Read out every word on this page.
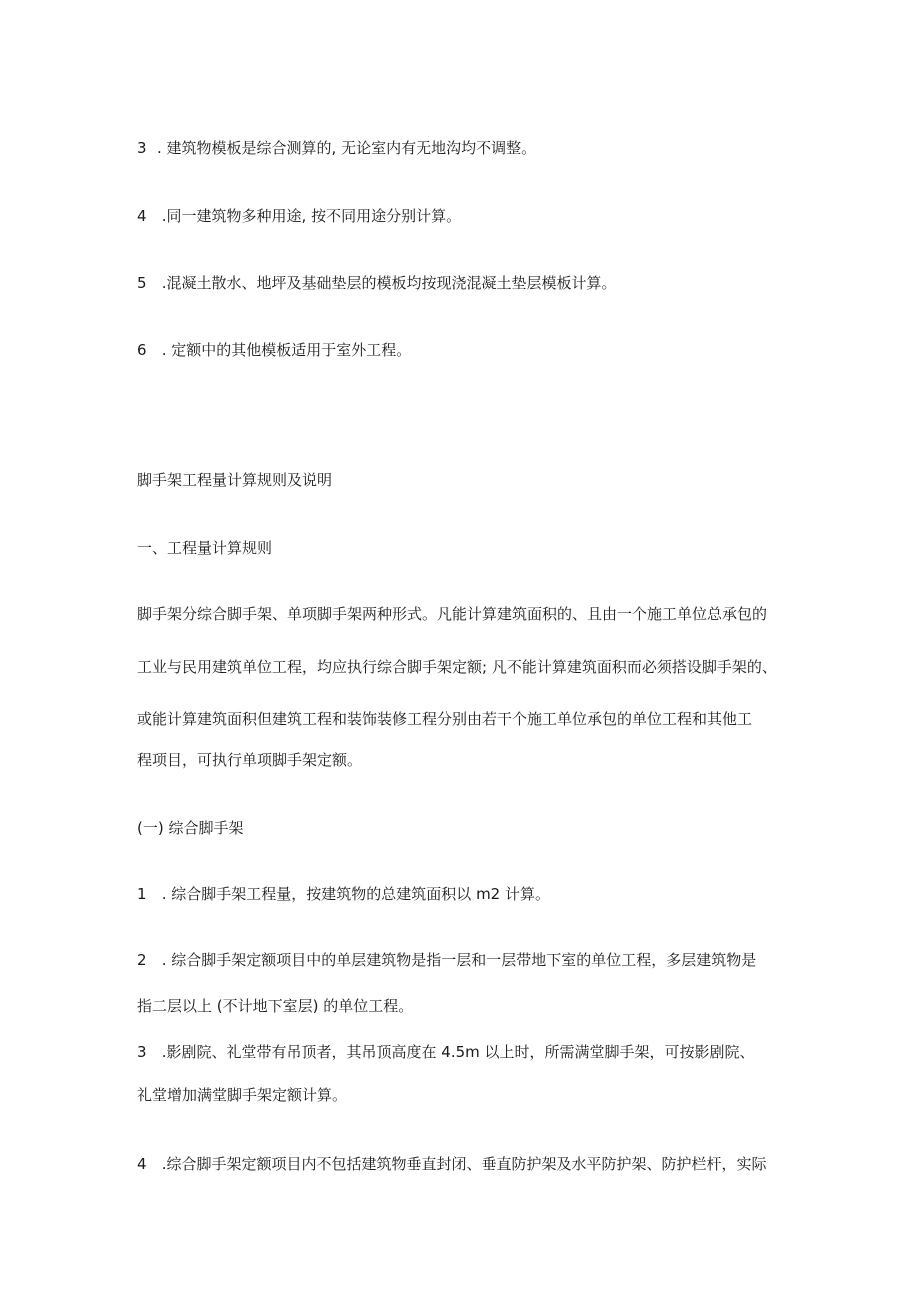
3 . 建筑物模板是综合测算的, 无论室内有无地沟均不调整。
4 .同一建筑物多种用途, 按不同用途分别计算。
5 .混凝土散水、地坪及基础垫层的模板均按现浇混凝土垫层模板计算。
6 . 定额中的其他模板适用于室外工程。
脚手架工程量计算规则及说明
一、工程量计算规则
脚手架分综合脚手架、单项脚手架两种形式。凡能计算建筑面积的、且由一个施工单位总承包的
工业与民用建筑单位工程，均应执行综合脚手架定额; 凡不能计算建筑面积而必须搭设脚手架的、
或能计算建筑面积但建筑工程和装饰装修工程分别由若干个施工单位承包的单位工程和其他工
程项目，可执行单项脚手架定额。
(一) 综合脚手架
1 . 综合脚手架工程量，按建筑物的总建筑面积以 m2 计算。
2 . 综合脚手架定额项目中的单层建筑物是指一层和一层带地下室的单位工程，多层建筑物是
指二层以上 (不计地下室层) 的单位工程。
3 .影剧院、礼堂带有吊顶者，其吊顶高度在 4.5m 以上时，所需满堂脚手架，可按影剧院、
礼堂增加满堂脚手架定额计算。
4 .综合脚手架定额项目内不包括建筑物垂直封闭、垂直防护架及水平防护架、防护栏杆，实际
